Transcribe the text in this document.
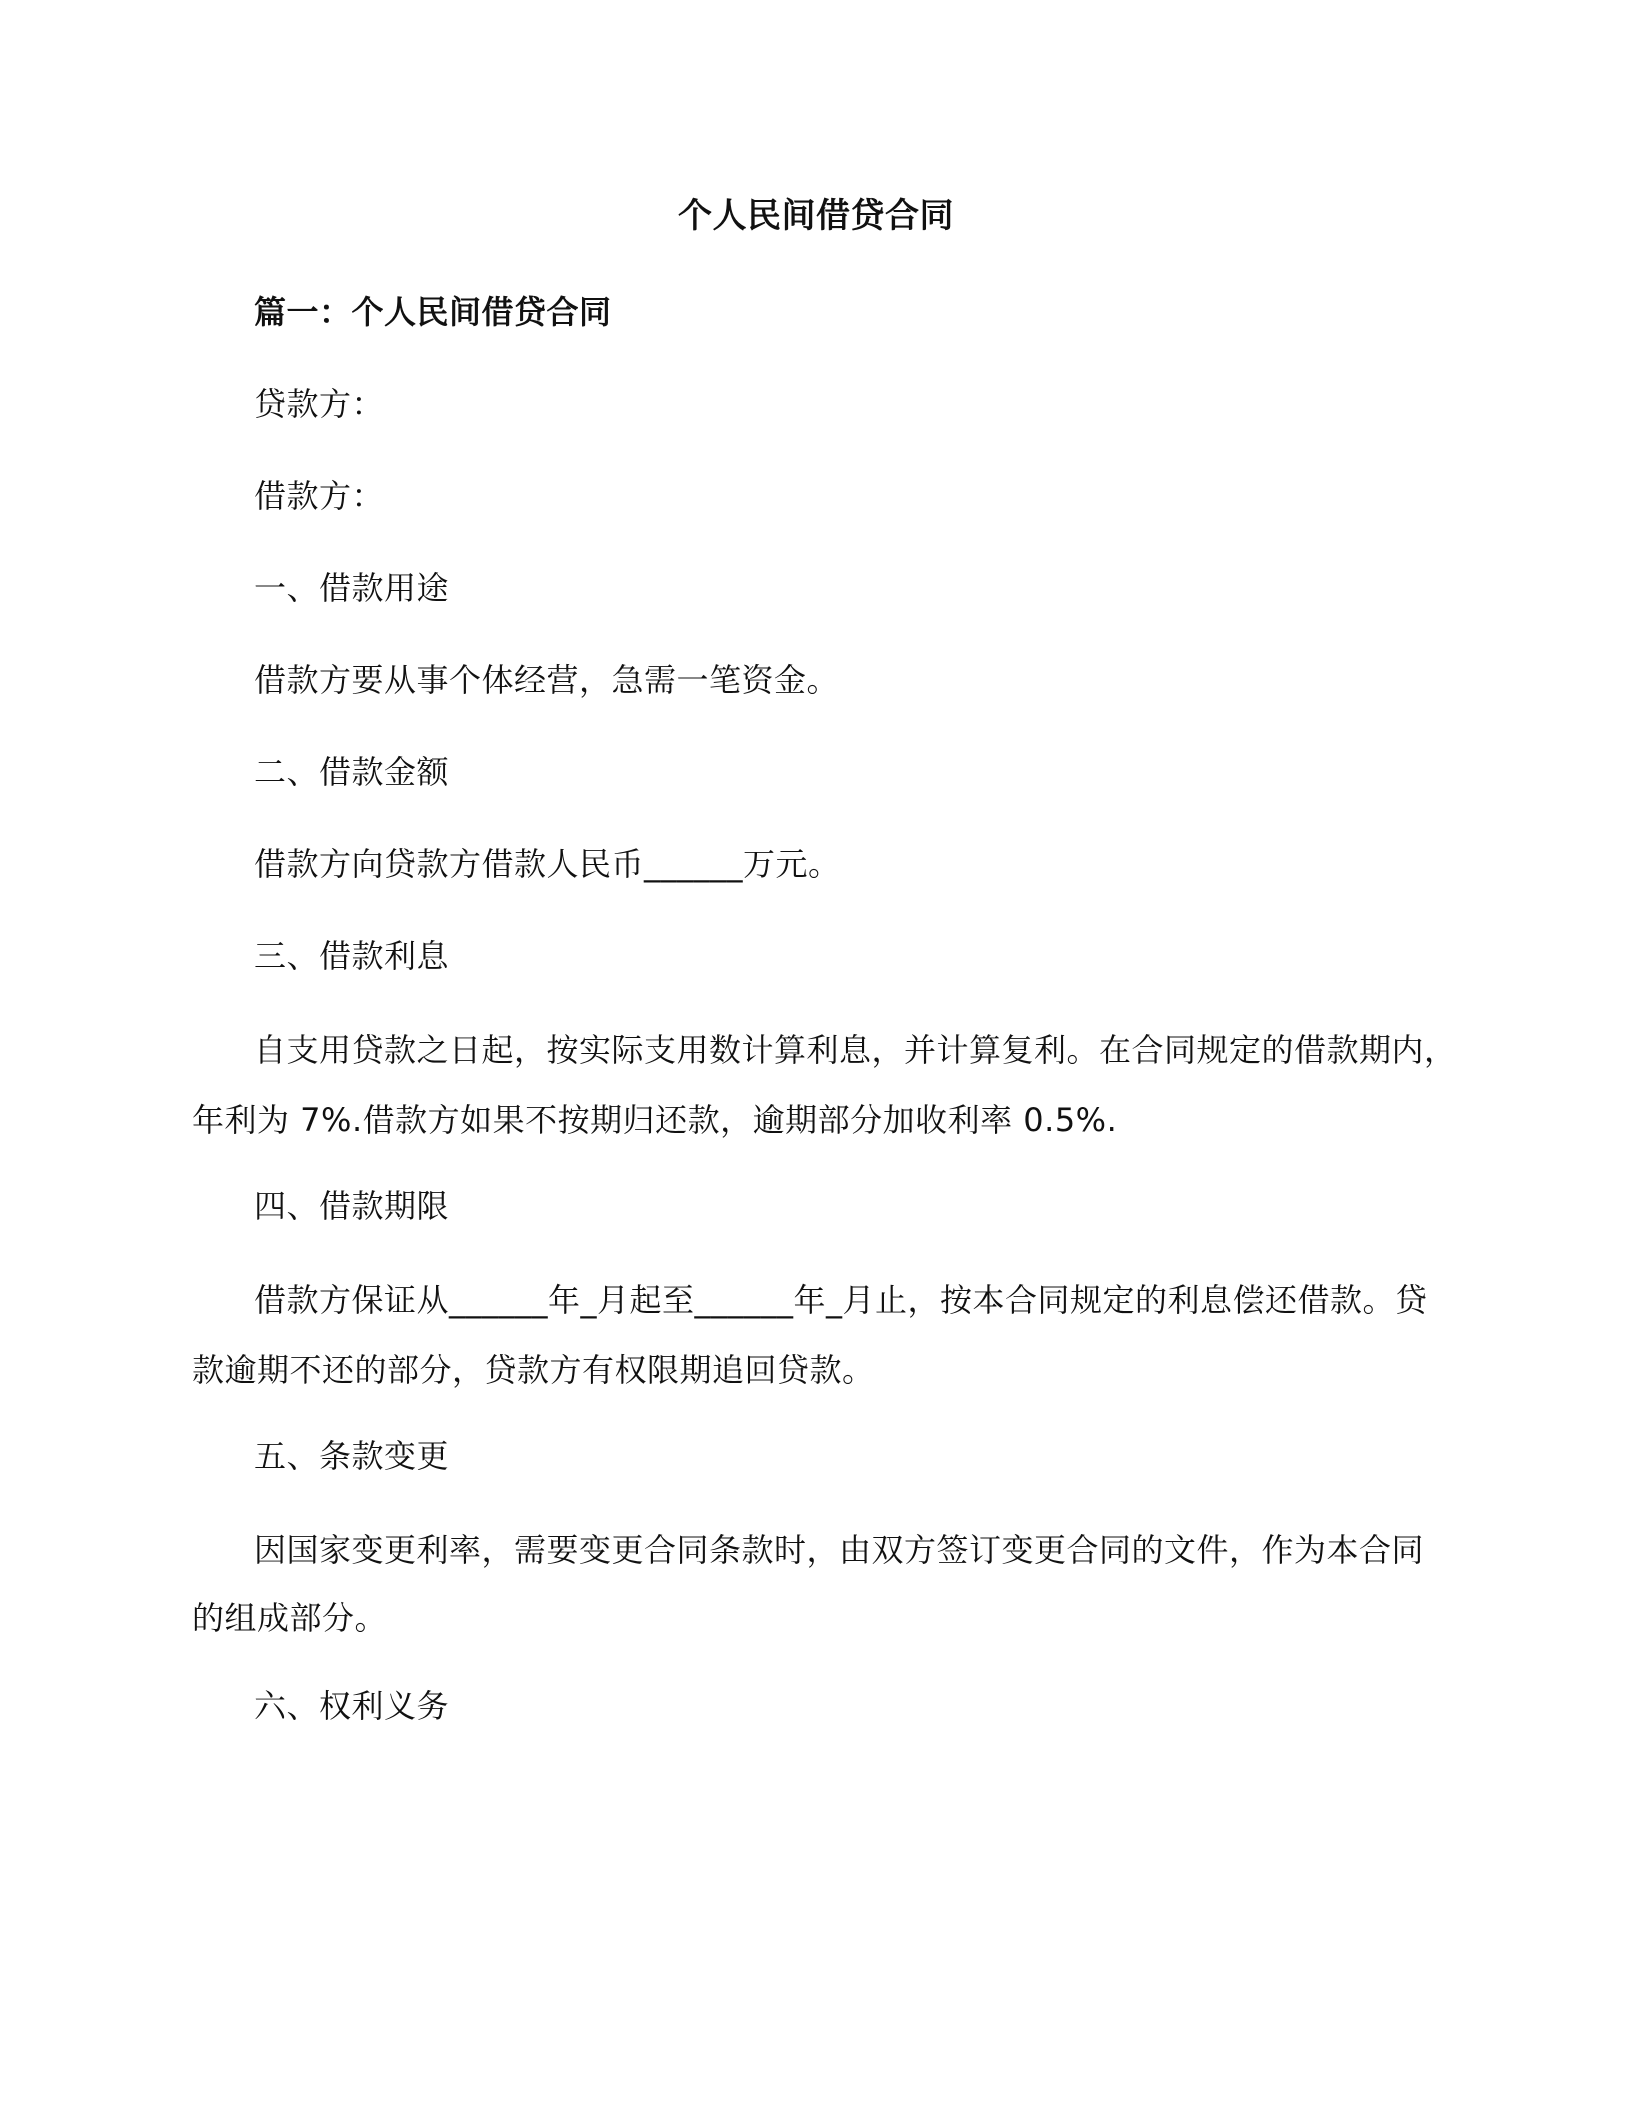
个人民间借贷合同
篇一：个人民间借贷合同
贷款方：
借款方：
一、借款用途
借款方要从事个体经营，急需一笔资金。
二、借款金额
借款方向贷款方借款人民币______万元。
三、借款利息
自支用贷款之日起，按实际支用数计算利息，并计算复利。在合同规定的借款期内，
年利为 7%.借款方如果不按期归还款，逾期部分加收利率 0.5%.
四、借款期限
借款方保证从______年_月起至______年_月止，按本合同规定的利息偿还借款。贷
款逾期不还的部分，贷款方有权限期追回贷款。
五、条款变更
因国家变更利率，需要变更合同条款时，由双方签订变更合同的文件，作为本合同
的组成部分。
六、权利义务
